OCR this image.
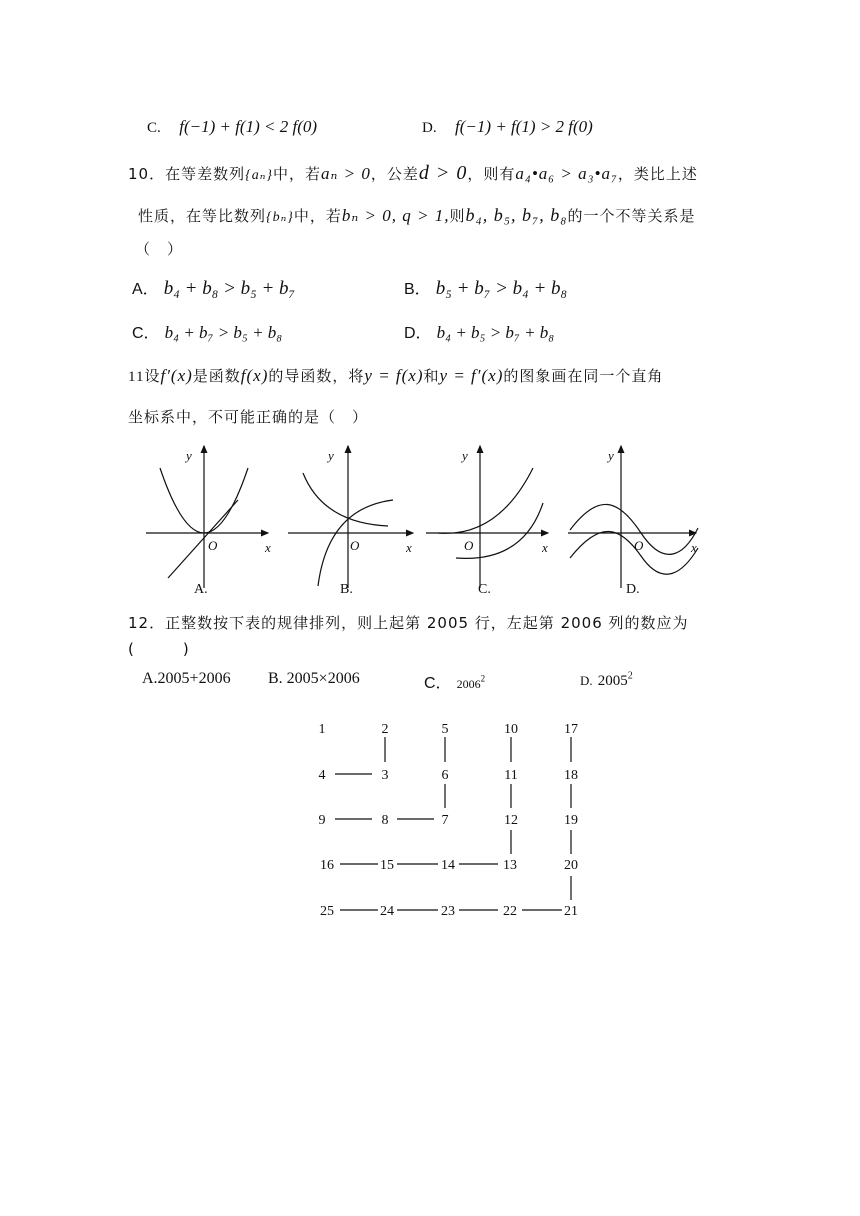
C. f(−1) + f(1) < 2 f(0)	D. f(−1) + f(1) > 2 f(0)
10．在等差数列{aₙ}中，若aₙ > 0，公差d > 0，则有a₄•a₆ > a₃•a₇，类比上述
性质，在等比数列{bₙ}中，若bₙ > 0, q > 1,则b₄, b₅, b₇, b₈的一个不等关系是
（　）
A． b₄ + b₈ > b₅ + b₇	B． b₅ + b₇ > b₄ + b₈
C． b₄ + b₇ > b₅ + b₈	D． b₄ + b₅ > b₇ + b₈
11设f′(x)是函数f(x)的导函数，将y = f(x)和y = f′(x)的图象画在同一个直角
坐标系中，不可能正确的是（　）
y
x
O
y
x
O
y
x
O
y
x
O
A.	B.	C.	D.
12．正整数按下表的规律排列，则上起第 2005 行，左起第 2006 列的数应为
(　　　)
A.2005+2006 B. 2005×2006	C． 2006$^2$	D. 2005$^2$
1	2	5	10	17
4	3	6	11	18
9	8	7	12	19
16	15	14	13	20
25	24	23	22	21
